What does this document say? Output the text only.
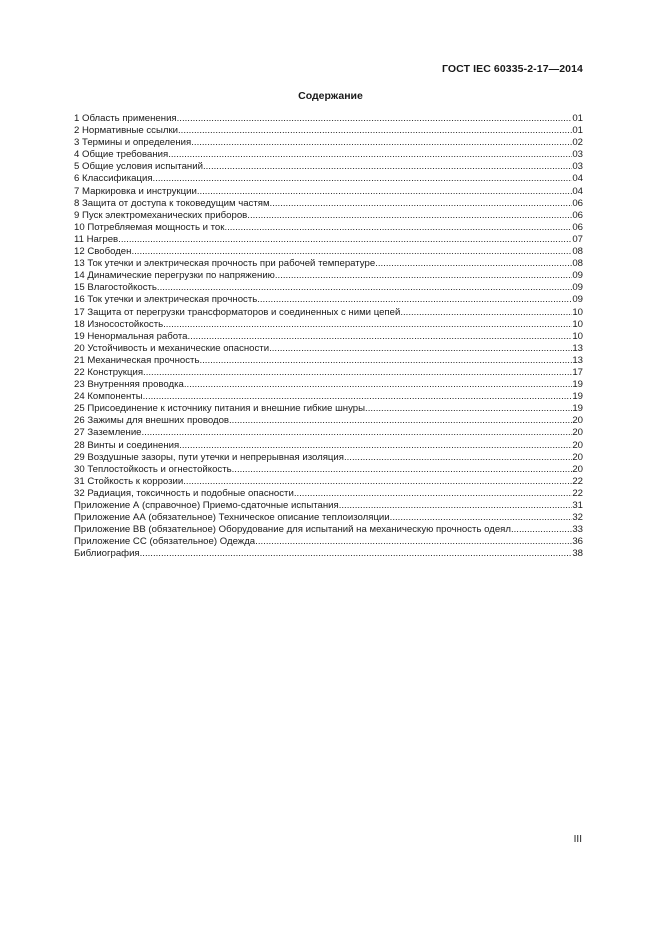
ГОСТ IEC 60335-2-17—2014
Содержание
1 Область применения .....	01
2 Нормативные ссылки .....	01
3 Термины и определения .....	02
4 Общие требования .....	03
5 Общие условия испытаний .....	03
6 Классификация .....	04
7 Маркировка и инструкции .....	04
8 Защита от доступа к токоведущим частям .....	06
9 Пуск электромеханических приборов .....	06
10 Потребляемая мощность и ток .....	06
11 Нагрев .....	07
12 Свободен .....	08
13 Ток утечки и электрическая прочность при рабочей температуре .....	08
14 Динамические перегрузки по напряжению .....	09
15 Влагостойкость .....	09
16 Ток утечки и электрическая прочность .....	09
17 Защита от перегрузки трансформаторов и соединенных с ними цепей .....	10
18 Износостойкость .....	10
19 Ненормальная работа .....	10
20 Устойчивость и механические опасности .....	13
21 Механическая прочность .....	13
22 Конструкция .....	17
23 Внутренняя проводка .....	19
24 Компоненты .....	19
25 Присоединение к источнику питания и внешние гибкие шнуры .....	19
26 Зажимы для внешних проводов .....	20
27 Заземление .....	20
28 Винты и соединения .....	20
29 Воздушные зазоры, пути утечки и непрерывная изоляция .....	20
30 Теплостойкость и огнестойкость .....	20
31 Стойкость к коррозии .....	22
32 Радиация, токсичность и подобные опасности .....	22
Приложение А (справочное) Приемо-сдаточные испытания .....	31
Приложение АА (обязательное) Техническое описание теплоизоляции .....	32
Приложение ВВ (обязательное) Оборудование для испытаний на механическую прочность одеял .....	33
Приложение СС (обязательное) Одежда .....	36
Библиография .....	38
III
